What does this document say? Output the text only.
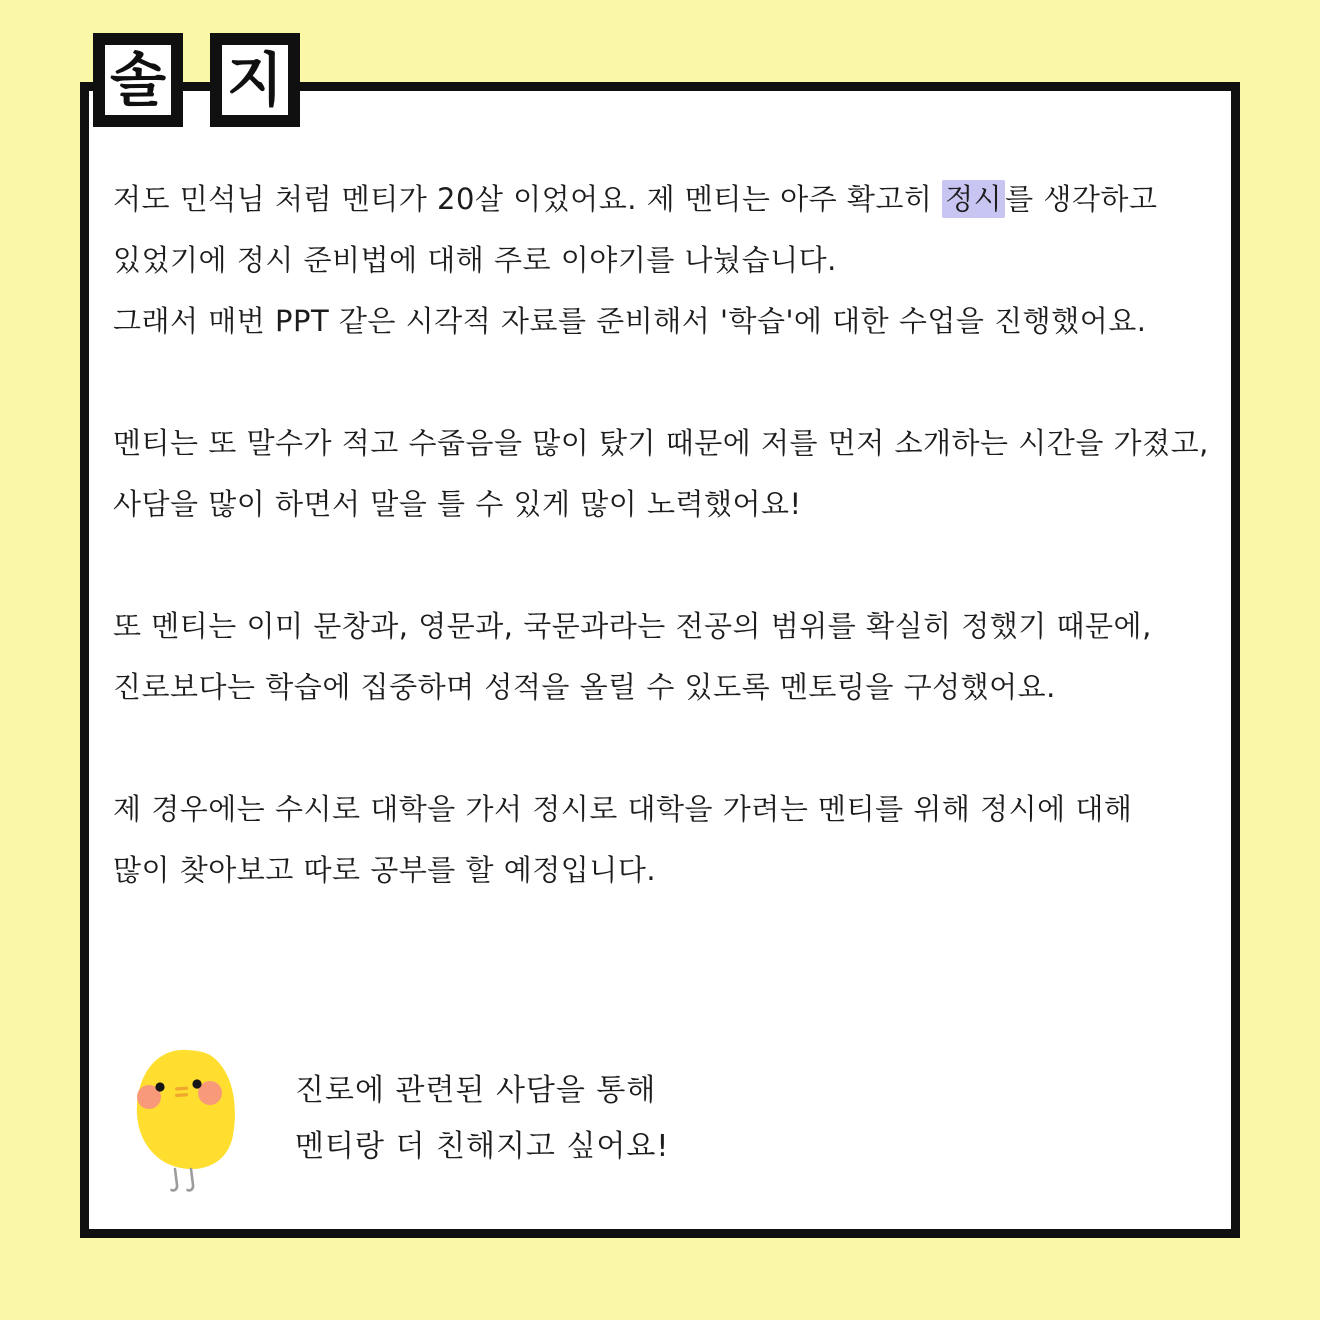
저도 민석님 처럼 멘티가 20살 이었어요. 제 멘티는 아주 확고히 정시 를 생각하고
있었기에 정시 준비법에 대해 주로 이야기를 나눴습니다.
그래서 매번 PPT 같은 시각적 자료를 준비해서 '학습'에 대한 수업을 진행했어요.

멘티는 또 말수가 적고 수줍음을 많이 탔기 때문에 저를 먼저 소개하는 시간을 가졌고,
사담을 많이 하면서 말을 틀 수 있게 많이 노력했어요!

또 멘티는 이미 문창과, 영문과, 국문과라는 전공의 범위를 확실히 정했기 때문에,
진로보다는 학습에 집중하며 성적을 올릴 수 있도록 멘토링을 구성했어요.

제 경우에는 수시로 대학을 가서 정시로 대학을 가려는 멘티를 위해 정시에 대해
많이 찾아보고 따로 공부를 할 예정입니다.

진로에 관련된 사담을 통해
멘티랑 더 친해지고 싶어요!
솔 지
